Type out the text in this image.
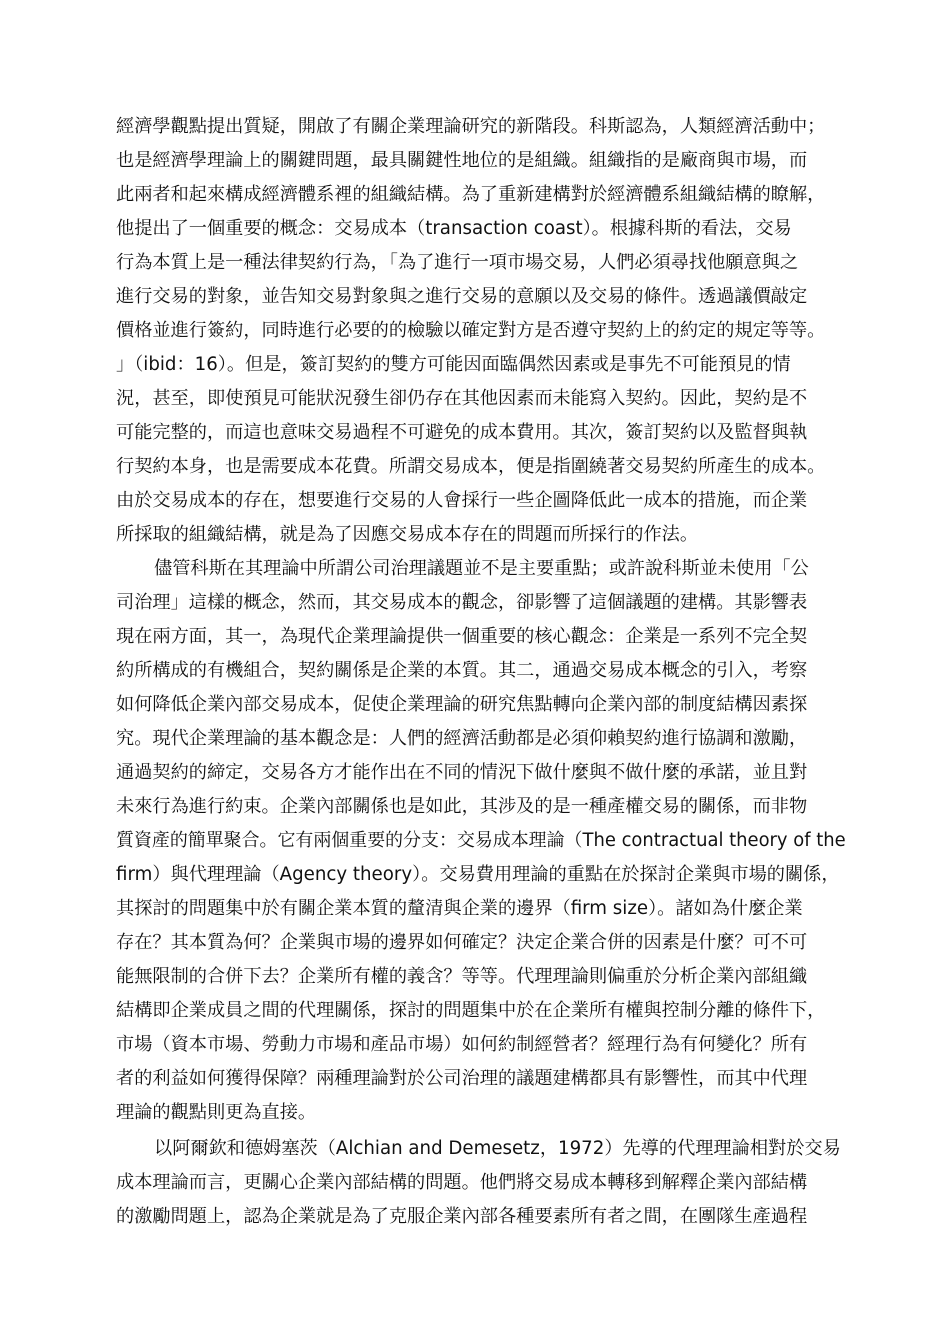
經濟學觀點提出質疑，開啟了有關企業理論研究的新階段。科斯認為，人類經濟活動中；
也是經濟學理論上的關鍵問題，最具關鍵性地位的是組織。組織指的是廠商與市場，而
此兩者和起來構成經濟體系裡的組織結構。為了重新建構對於經濟體系組織結構的瞭解，
他提出了一個重要的概念：交易成本（transaction coast）。根據科斯的看法，交易
行為本質上是一種法律契約行為，「為了進行一項市場交易，人們必須尋找他願意與之
進行交易的對象，並告知交易對象與之進行交易的意願以及交易的條件。透過議價敲定
價格並進行簽約，同時進行必要的的檢驗以確定對方是否遵守契約上的約定的規定等等。
」（ibid：16）。但是，簽訂契約的雙方可能因面臨偶然因素或是事先不可能預見的情
況，甚至，即使預見可能狀況發生卻仍存在其他因素而未能寫入契約。因此，契約是不
可能完整的，而這也意味交易過程不可避免的成本費用。其次，簽訂契約以及監督與執
行契約本身，也是需要成本花費。所謂交易成本，便是指圍繞著交易契約所產生的成本。
由於交易成本的存在，想要進行交易的人會採行一些企圖降低此一成本的措施，而企業
所採取的組織結構，就是為了因應交易成本存在的問題而所採行的作法。
儘管科斯在其理論中所謂公司治理議題並不是主要重點；或許說科斯並未使用「公
司治理」這樣的概念，然而，其交易成本的觀念，卻影響了這個議題的建構。其影響表
現在兩方面，其一，為現代企業理論提供一個重要的核心觀念：企業是一系列不完全契
約所構成的有機組合，契約關係是企業的本質。其二，通過交易成本概念的引入，考察
如何降低企業內部交易成本，促使企業理論的研究焦點轉向企業內部的制度結構因素探
究。現代企業理論的基本觀念是：人們的經濟活動都是必須仰賴契約進行協調和激勵，
通過契約的締定，交易各方才能作出在不同的情況下做什麼與不做什麼的承諾，並且對
未來行為進行約束。企業內部關係也是如此，其涉及的是一種產權交易的關係，而非物
質資產的簡單聚合。它有兩個重要的分支：交易成本理論（The contractual theory of the
firm）與代理理論（Agency theory）。交易費用理論的重點在於探討企業與市場的關係，
其探討的問題集中於有關企業本質的釐清與企業的邊界（firm size）。諸如為什麼企業
存在？其本質為何？企業與市場的邊界如何確定？決定企業合併的因素是什麼？可不可
能無限制的合併下去？企業所有權的義含？等等。代理理論則偏重於分析企業內部組織
結構即企業成員之間的代理關係，探討的問題集中於在企業所有權與控制分離的條件下，
市場（資本市場、勞動力市場和產品市場）如何約制經營者？經理行為有何變化？所有
者的利益如何獲得保障？兩種理論對於公司治理的議題建構都具有影響性，而其中代理
理論的觀點則更為直接。
以阿爾欽和德姆塞茨（Alchian and Demesetz，1972）先導的代理理論相對於交易
成本理論而言，更關心企業內部結構的問題。他們將交易成本轉移到解釋企業內部結構
的激勵問題上，認為企業就是為了克服企業內部各種要素所有者之間，在團隊生產過程
